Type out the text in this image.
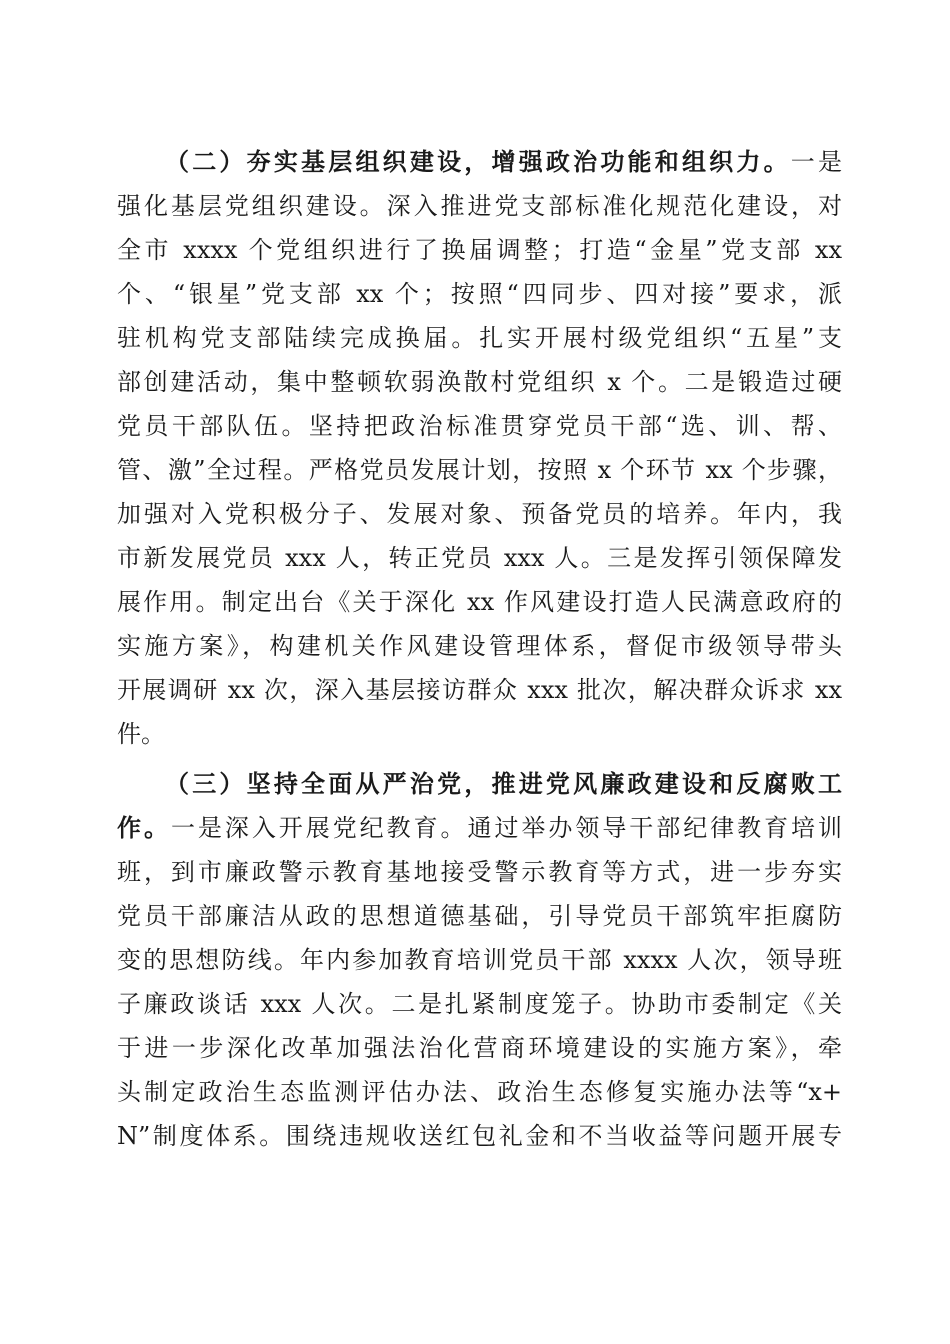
（二）夯实基层组织建设，增强政治功能和组织力。一是
强化基层党组织建设。深入推进党支部标准化规范化建设，对
全市 xxxx 个党组织进行了换届调整；打造“金星”党支部 xx
个、“银星”党支部 xx 个；按照“四同步、四对接”要求，派
驻机构党支部陆续完成换届。扎实开展村级党组织“五星”支
部创建活动，集中整顿软弱涣散村党组织 x 个。二是锻造过硬
党员干部队伍。坚持把政治标准贯穿党员干部“选、训、帮、
管、激”全过程。严格党员发展计划，按照 x 个环节 xx 个步骤，
加强对入党积极分子、发展对象、预备党员的培养。年内，我
市新发展党员 xxx 人，转正党员 xxx 人。三是发挥引领保障发
展作用。制定出台《关于深化 xx 作风建设打造人民满意政府的
实施方案》，构建机关作风建设管理体系，督促市级领导带头
开展调研 xx 次，深入基层接访群众 xxx 批次，解决群众诉求 xx
件。
（三）坚持全面从严治党，推进党风廉政建设和反腐败工
作。一是深入开展党纪教育。通过举办领导干部纪律教育培训
班，到市廉政警示教育基地接受警示教育等方式，进一步夯实
党员干部廉洁从政的思想道德基础，引导党员干部筑牢拒腐防
变的思想防线。年内参加教育培训党员干部 xxxx 人次，领导班
子廉政谈话 xxx 人次。二是扎紧制度笼子。协助市委制定《关
于进一步深化改革加强法治化营商环境建设的实施方案》，牵
头制定政治生态监测评估办法、政治生态修复实施办法等“x+
N”制度体系。围绕违规收送红包礼金和不当收益等问题开展专
